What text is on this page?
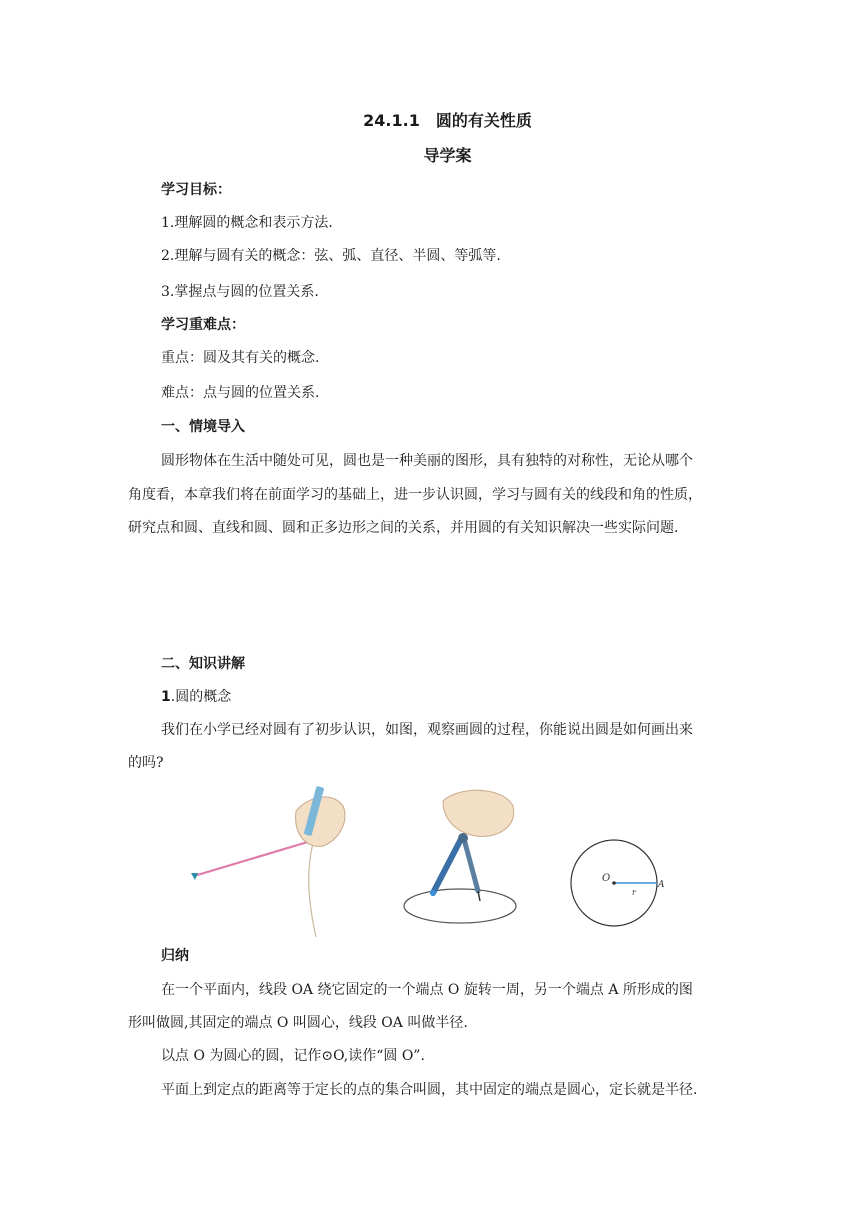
24.1.1　圆的有关性质
导学案
学习目标：
1.理解圆的概念和表示方法.
2.理解与圆有关的概念：弦、弧、直径、半圆、等弧等.
3.掌握点与圆的位置关系.
学习重难点：
重点：圆及其有关的概念.
难点：点与圆的位置关系.
一、情境导入
圆形物体在生活中随处可见，圆也是一种美丽的图形，具有独特的对称性，无论从哪个
角度看，本章我们将在前面学习的基础上，进一步认识圆，学习与圆有关的线段和角的性质，
研究点和圆、直线和圆、圆和正多边形之间的关系，并用圆的有关知识解决一些实际问题.
二、知识讲解
1.圆的概念
我们在小学已经对圆有了初步认识，如图，观察画圆的过程，你能说出圆是如何画出来
的吗?
O
A
r
归纳
在一个平面内，线段 OA 绕它固定的一个端点 O 旋转一周，另一个端点 A 所形成的图
形叫做圆,其固定的端点 O 叫圆心，线段 OA 叫做半径.
以点 O 为圆心的圆，记作⊙O,读作“圆 O”.
平面上到定点的距离等于定长的点的集合叫圆，其中固定的端点是圆心，定长就是半径.
